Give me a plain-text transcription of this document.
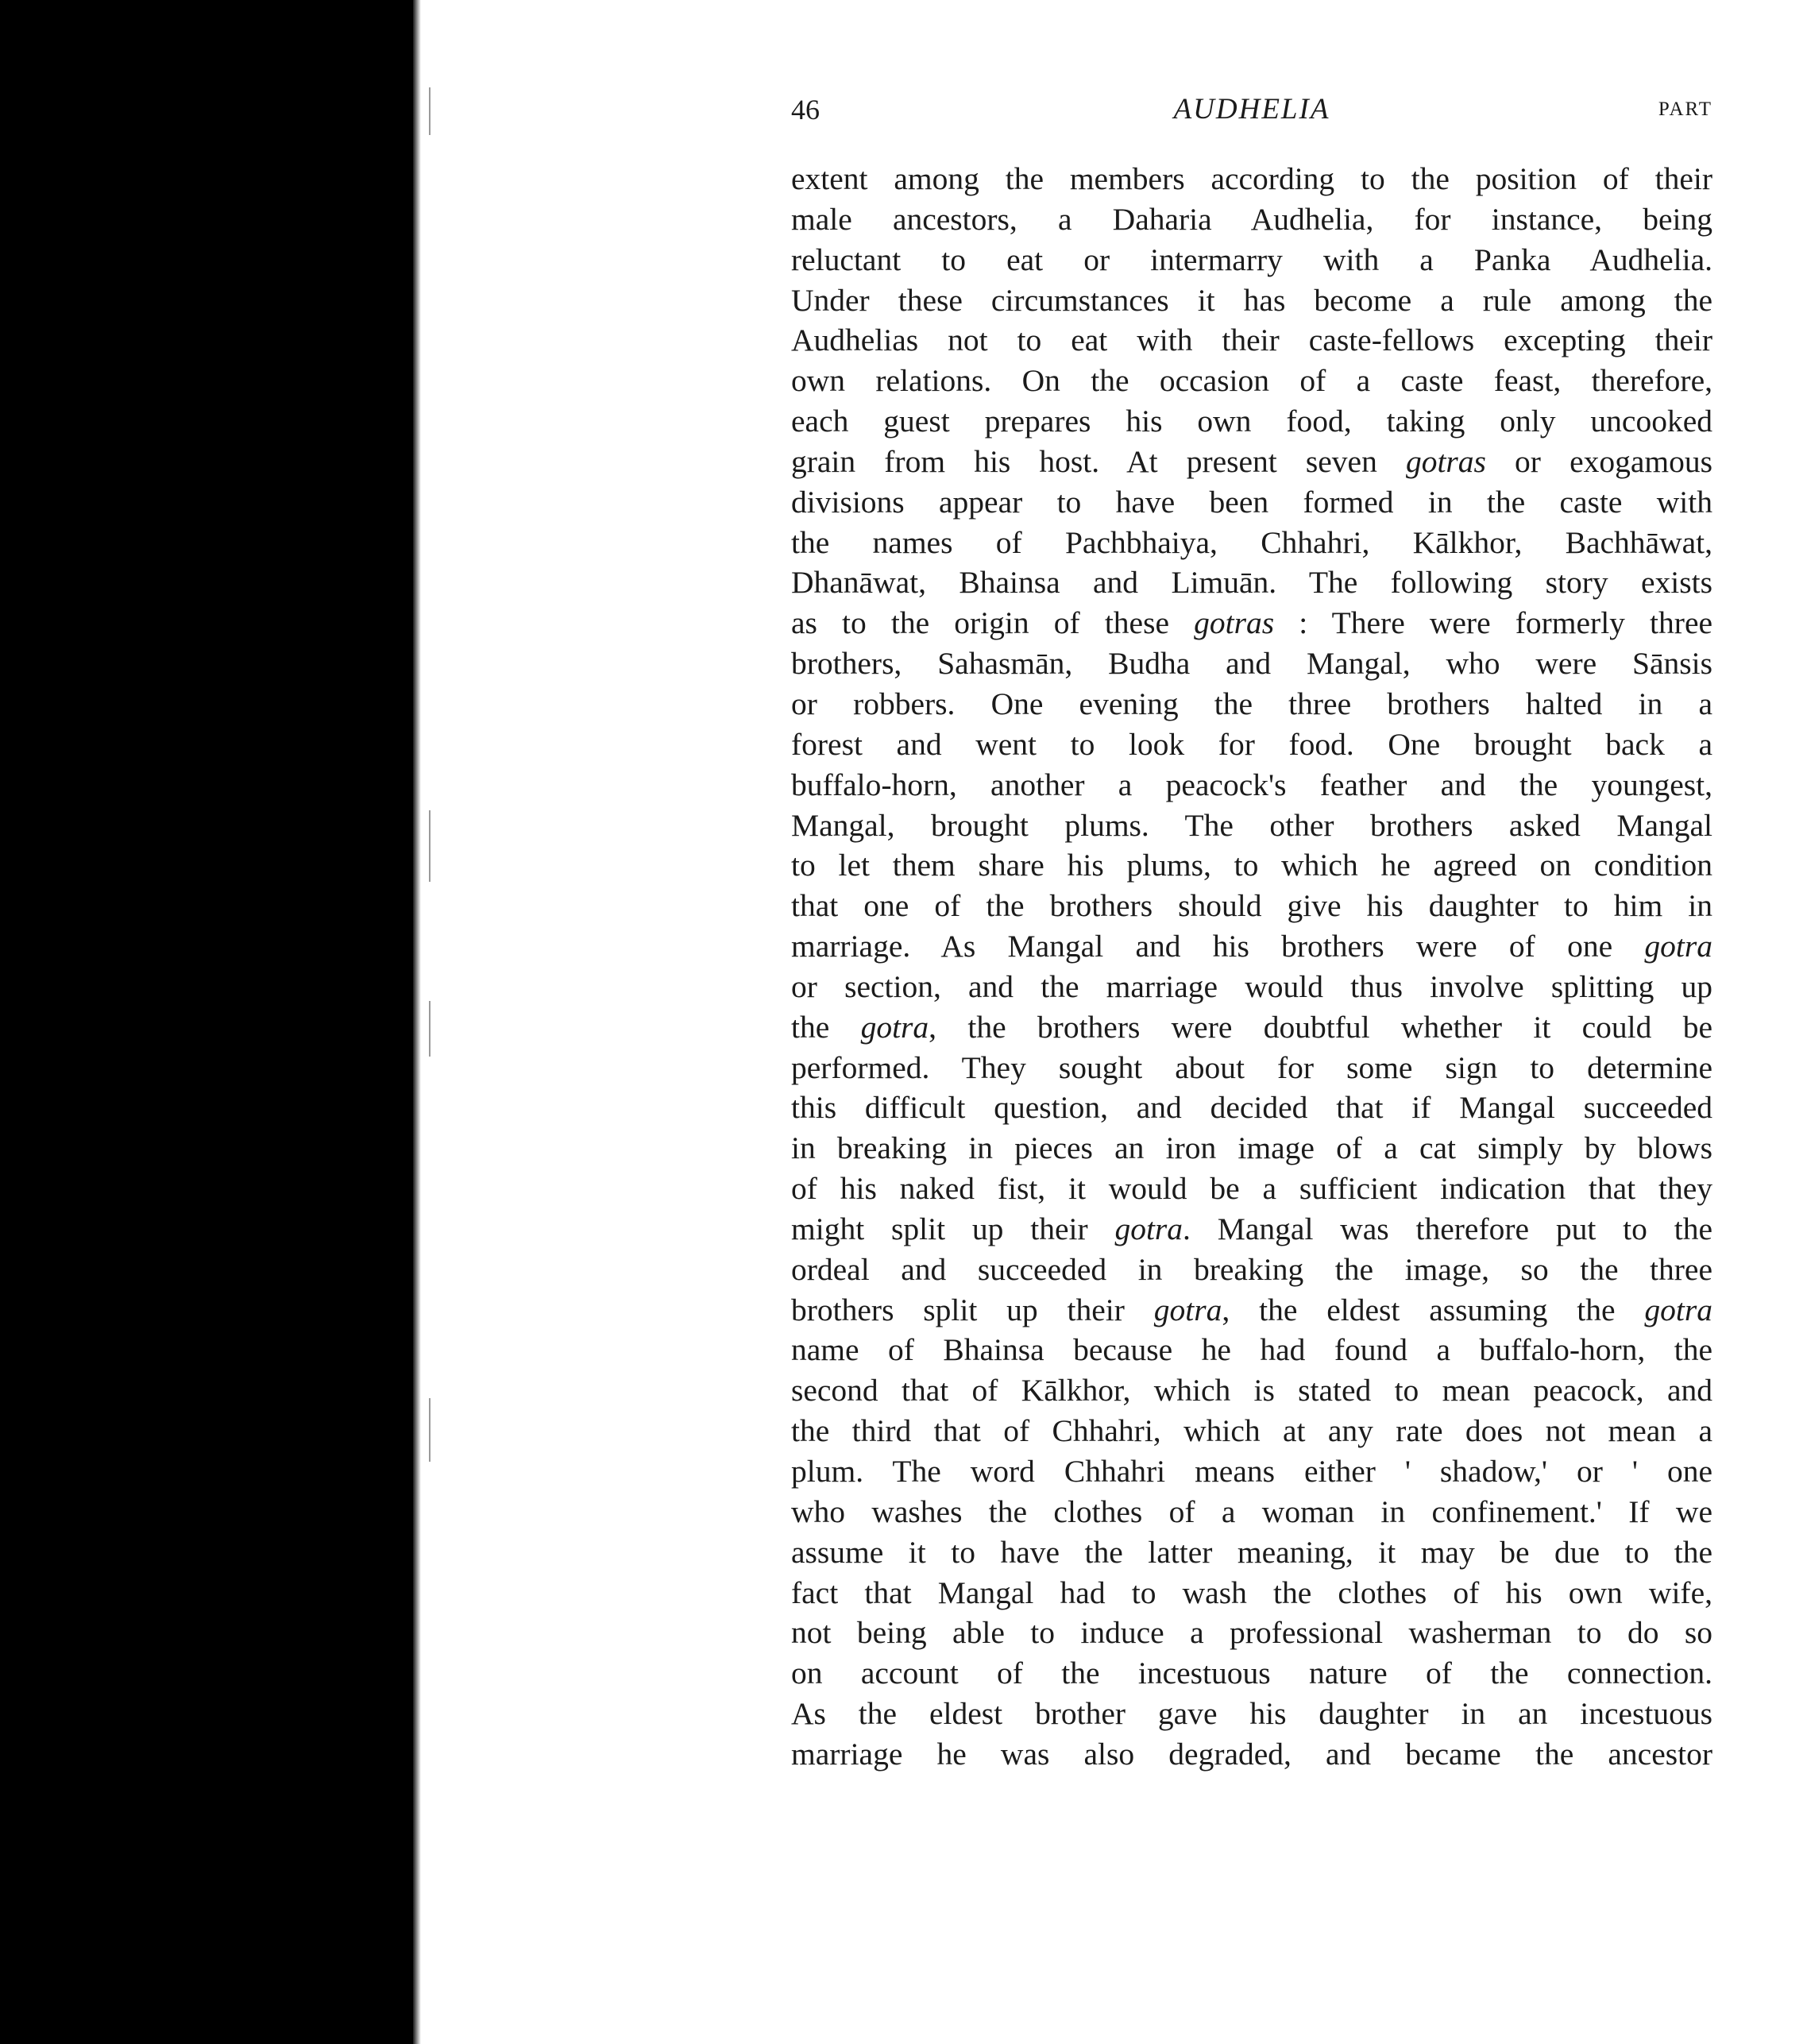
46	AUDHELIA	PART
extent among the members according to the position of their
male ancestors, a Daharia Audhelia, for instance, being
reluctant to eat or intermarry with a Panka Audhelia.
Under these circumstances it has become a rule among the
Audhelias not to eat with their caste-fellows excepting their
own relations. On the occasion of a caste feast, therefore,
each guest prepares his own food, taking only uncooked
grain from his host. At present seven gotras or exogamous
divisions appear to have been formed in the caste with
the names of Pachbhaiya, Chhahri, Kālkhor, Bachhāwat,
Dhanāwat, Bhainsa and Limuān. The following story exists
as to the origin of these gotras : There were formerly three
brothers, Sahasmān, Budha and Mangal, who were Sānsis
or robbers. One evening the three brothers halted in a
forest and went to look for food. One brought back a
buffalo-horn, another a peacock's feather and the youngest,
Mangal, brought plums. The other brothers asked Mangal
to let them share his plums, to which he agreed on condition
that one of the brothers should give his daughter to him in
marriage. As Mangal and his brothers were of one gotra
or section, and the marriage would thus involve splitting up
the gotra, the brothers were doubtful whether it could be
performed. They sought about for some sign to determine
this difficult question, and decided that if Mangal succeeded
in breaking in pieces an iron image of a cat simply by blows
of his naked fist, it would be a sufficient indication that they
might split up their gotra. Mangal was therefore put to the
ordeal and succeeded in breaking the image, so the three
brothers split up their gotra, the eldest assuming the gotra
name of Bhainsa because he had found a buffalo-horn, the
second that of Kālkhor, which is stated to mean peacock, and
the third that of Chhahri, which at any rate does not mean a
plum. The word Chhahri means either ' shadow,' or ' one
who washes the clothes of a woman in confinement.' If we
assume it to have the latter meaning, it may be due to the
fact that Mangal had to wash the clothes of his own wife,
not being able to induce a professional washerman to do so
on account of the incestuous nature of the connection.
As the eldest brother gave his daughter in an incestuous
marriage he was also degraded, and became the ancestor
